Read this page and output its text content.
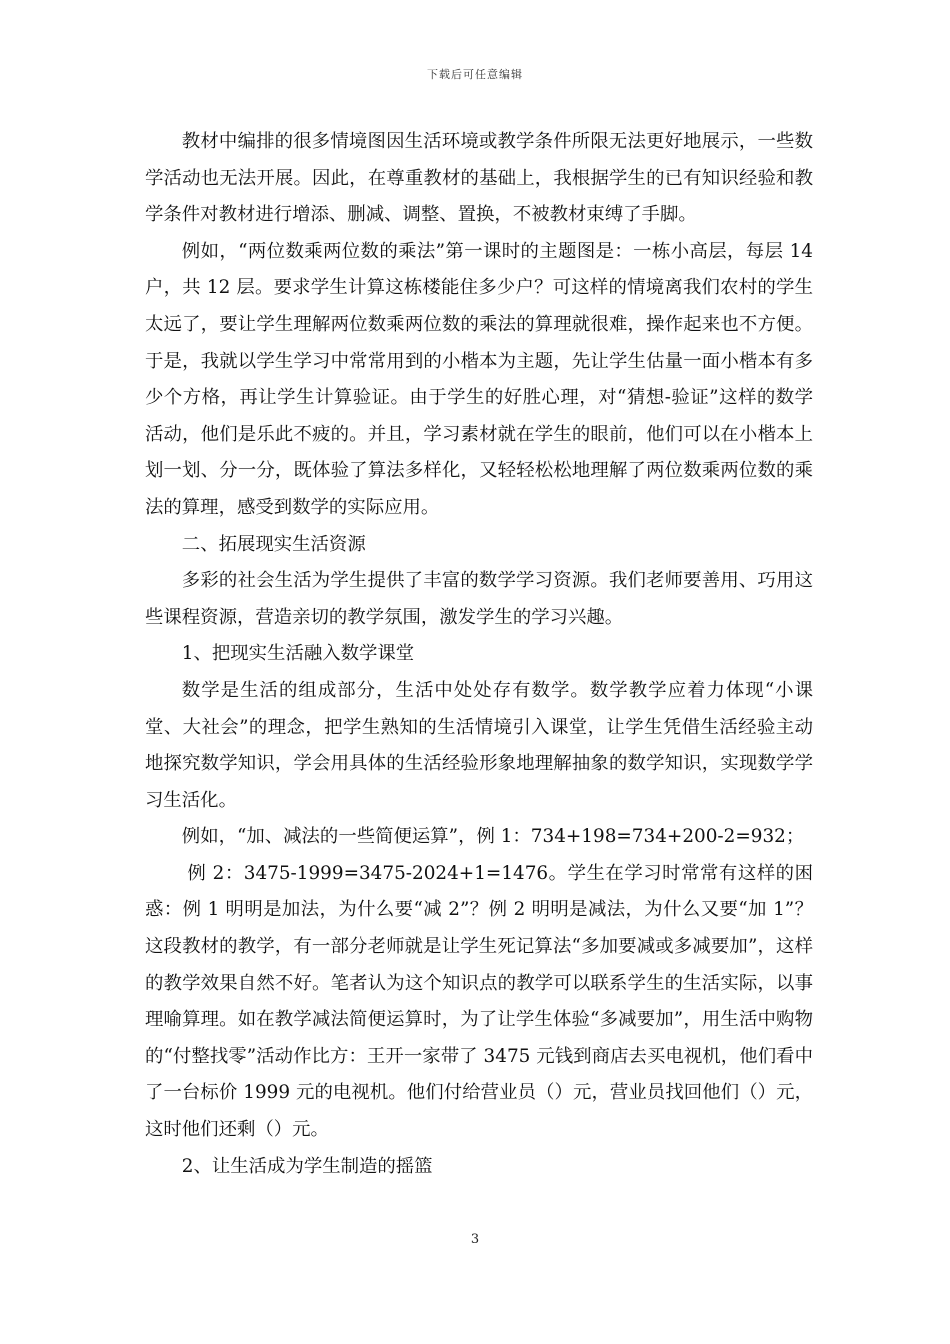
下载后可任意编辑

教材中编排的很多情境图因生活环境或教学条件所限无法更好地展示，一些数学活动也无法开展。因此，在尊重教材的基础上，我根据学生的已有知识经验和教学条件对教材进行增添、删减、调整、置换，不被教材束缚了手脚。

例如，“两位数乘两位数的乘法”第一课时的主题图是：一栋小高层，每层 14 户，共 12 层。要求学生计算这栋楼能住多少户？可这样的情境离我们农村的学生太远了，要让学生理解两位数乘两位数的乘法的算理就很难，操作起来也不方便。于是，我就以学生学习中常常用到的小楷本为主题，先让学生估量一面小楷本有多少个方格，再让学生计算验证。由于学生的好胜心理，对“猜想-验证”这样的数学活动，他们是乐此不疲的。并且，学习素材就在学生的眼前，他们可以在小楷本上划一划、分一分，既体验了算法多样化，又轻轻松松地理解了两位数乘两位数的乘法的算理，感受到数学的实际应用。

二、拓展现实生活资源

多彩的社会生活为学生提供了丰富的数学学习资源。我们老师要善用、巧用这些课程资源，营造亲切的教学氛围，激发学生的学习兴趣。

1、把现实生活融入数学课堂

数学是生活的组成部分，生活中处处存有数学。数学教学应着力体现“小课堂、大社会”的理念，把学生熟知的生活情境引入课堂，让学生凭借生活经验主动地探究数学知识，学会用具体的生活经验形象地理解抽象的数学知识，实现数学学习生活化。

例如，“加、减法的一些简便运算”，例 1：734+198=734+200-2=932；

例 2：3475-1999=3475-2024+1=1476。学生在学习时常常有这样的困惑：例 1 明明是加法，为什么要“减 2”？例 2 明明是减法，为什么又要“加 1”？这段教材的教学，有一部分老师就是让学生死记算法“多加要减或多减要加”，这样的教学效果自然不好。笔者认为这个知识点的教学可以联系学生的生活实际，以事理喻算理。如在教学减法简便运算时，为了让学生体验“多减要加”，用生活中购物的“付整找零”活动作比方：王开一家带了 3475 元钱到商店去买电视机，他们看中了一台标价 1999 元的电视机。他们付给营业员（）元，营业员找回他们（）元，这时他们还剩（）元。

2、让生活成为学生制造的摇篮

3
